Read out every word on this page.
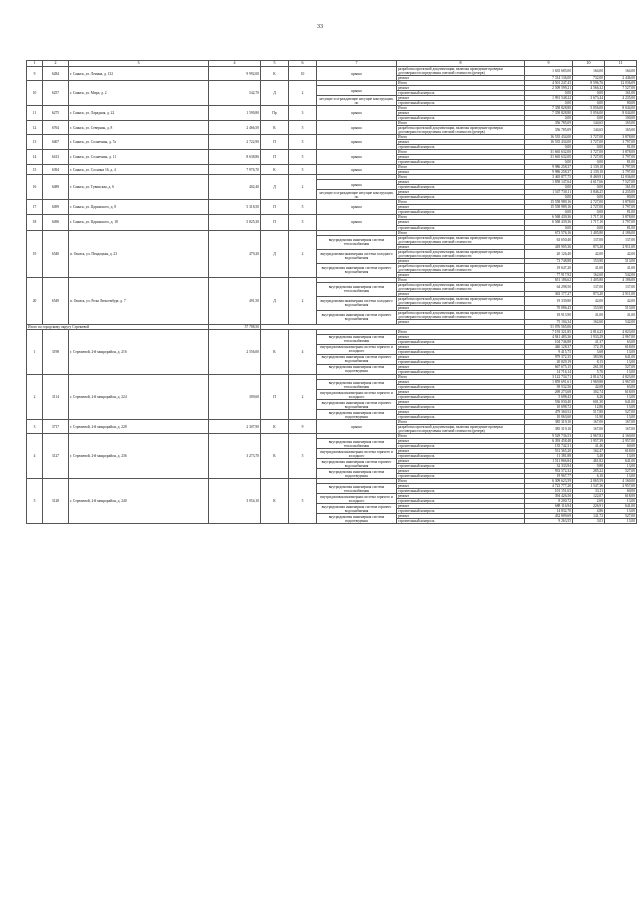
33
1	2	3	4	5	6	7	8	9	10	11
9	6284	г. Саянск, ул. Ленина, д. 132	9 992,00	К	10	крыша	разработка проектной документации, включая проведение проверки достоверности определения сметной стоимости (резерв)	1 635 685,00	164,00	164,00
							ремонт	7 314 136,00	732,00	2 446,00
10	6257	г. Саянск, ул. Мира, д. 2	542,70	Д	2		Итого	4 501 247,43	8 596,76	12 036,09
						крыша	ремонт	2 509 599,21	4 566,32	7 527,00
							строительный контроль	0,00	0,00	161,00
						несущие и ограждающие несущие конструкции, по	ремонт	1 991 548,22	3 673,44	4 235,00
							строительный контроль	0,00	0,00	80,00
11	6275	г. Саянск, ул. Ларадная, д. 22	1 590,80	Пр	3	крыша	Итого	7 358 828,80	5 056,00	8 044,00
							ремонт	7 358 828,80	5 056,00	8 044,00
							строительный контроль	0,00	0,00	100,00
12	6764	г. Саянск, ул. Северная, д. 8	2 466,50	К	5	крыша	Итого	356 785,09	144,65	165,00
							разработка проектной документации, включая проведение проверки достоверности определения сметной стоимости (резерв)	356 785,09	144,65	165,00
13	6407	г. Саянск, ул. Солнечная, д. 7а	2 722,90	П	5	крыша	Итого	16 535 434,00	3 727,00	3 878,00
							ремонт	16 535 434,00	3 727,00	3 797,00
							строительный контроль	0,00	0,00	81,00
14	6413	г. Саянск, ул. Солнечная, д. 11	8 638,86	П	5	крыша	Итого	31 665 632,00	3 727,00	3 878,00
							ремонт	31 665 632,00	3 727,00	3 797,00
							строительный контроль	0,00	0,00	81,00
15	6394	г. Саянск, ул. Соснина 16, д. 4	7 976,70	К	5	крыша	Итого	9 986 258,37	2 139,10	3 797,00
							ремонт	9 986 258,37	2 139,10	3 797,00
16	6489	г. Саянск, ул. Тувинская, д. 6	402,40	Д	2		Итого	3 465 877,75	8 469,91	12 036,00
						крыша	ремонт	1 858 147,64	4 617,66	7 527,00
							строительный контроль	0,00	0,00	161,00
						несущие и ограждающие несущие конструкции, по	ремонт	1 547 730,11	3 846,25	4 235,00
							строительный контроль	0,00	0,00	80,00
17	6499	г. Саянск, ул. Царинского, д. 8	5 318,50	П	5	крыша	Итого	15 558 989,16	2 727,00	3 878,00
							ремонт	15 558 989,16	2 727,00	3 797,00
							строительный контроль	0,00	0,00	81,00
18	6496	г. Саянск, ул. Царинского, д. 18	5 825,30	П	5	крыша	Итого	6 568 439,36	1 717,10	3 878,00
							ремонт	6 568 439,36	1 717,10	3 797,00
							строительный контроль	0,00	0,00	81,00
19	6540	п. Оказск, ул. Пендоцкая, д. 23	479,20	Д	2		Итого	673 576,16	1 405,80	4 186,00
						внутридомовая инженерная система теплоснабжения	разработка проектной документации, включая проведение проверки достоверности определения сметной стоимости	63 650,40	137,00	137,00
							ремонт	418 905,36	873,20	2 911,00
						внутридомовая инженерная система холодного водоснабжения	разработка проектной документации, включая проведение проверки достоверности определения сметной стоимости	20 126,40	42,00	42,00
							ремонт	73 748,88	153,90	513,00
						внутридомовая инженерная система горячего водоснабжения	разработка проектной документации, включая проведение проверки достоверности определения сметной стоимости	19 647,20	41,00	41,00
							ремонт	77 917,92	162,60	542,00
20	6549	п. Оказск, ул. Розы Люксембург, д. 7	491,50	Д	2		Итого	651 186,62	1 405,80	4 186,00
						внутридомовая инженерная система теплоснабжения	разработка проектной документации, включая проведение проверки достоверности определения сметной стоимости	64 298,50	137,00	137,00
							ремонт	363 177,27	873,20	2 911,00
						внутридомовая инженерная система холодного водоснабжения	разработка проектной документации, включая проведение проверки достоверности определения сметной стоимости	19 339,80	42,00	42,00
							ремонт	70 086,43	153,90	513,00
						внутридомовая инженерная система горячего водоснабжения	разработка проектной документации, включая проведение проверки достоверности определения сметной стоимости	18 913,90	41,00	41,00
							ремонт	75 104,34	162,60	542,00
Итого по городскому округу Стрежевой			57 788,50					51 076 565,06		
1	3198	г. Стрежевой, 2-й микрорайон, д. 216	2 556,00	К	4		Итого	7 193 321,85	2 814,25	4 823,00
						внутридомовая инженерная система теплоснабжения	ремонт	4 941 483,36	1 933,29	2 967,00
							строительный контроль	104 746,88	41,37	63,00
						внутридомовая инженерная система горячего и холодного	ремонт	440 128,37	172,19	618,00
							строительный контроль	9 415,75	3,68	13,00
						внутридомовая инженерная система горячего водоснабжения	ремонт	979 372,35	383,96	641,00
							строительный контроль	20 829,19	8,15	13,00
						внутридомовая инженерная система водоотведения	ремонт	667 675,15	261,58	527,00
							строительный контроль	14 716,14	5,76	13,00
2	3114	г. Стрежевой, 2-й микрорайон, д. 224	309,60	П	2		Итого	3 122 734,71	2 814,74	4 823,00
						внутридомовая инженерная система теплоснабжения	ремонт	1 859 691,61	1 969,88	2 967,00
							строительный контроль	39 532,56	42,08	63,00
						внутридомовая инженерная система горячего и холодного	ремонт	269 273,68	302,74	618,00
							строительный контроль	5 698,43	6,26	13,00
						внутридомовая инженерная система горячего водоснабжения	ремонт	536 030,40	601,30	641,00
							строительный контроль	10 698,72	12,86	13,00
						внутридомовая инженерная система водоотведения	ремонт	479 360,52	517,80	527,00
							строительный контроль	10 063,60	11,90	13,00
3	3717	г. Стрежевой, 2-й микрорайон, д. 228	2 307,90	К	9	крыша	Итого	385 319,10	167,00	167,00
							разработка проектной документации, включая проведение проверки достоверности определения сметной стоимости (резерв)	385 319,10	167,00	167,00
4	3127	г. Стрежевой, 2-й микрорайон, д. 236	3 273,70	К	5		Итого	9 529 736,53	2 967,82	4 160,00
						внутридомовая инженерная система теплоснабжения	ремонт	6 393 458,48	1 957,39	2 957,00
							строительный контроль	135 742,31	41,46	60,00
						внутридомовая инженерная система горячего и холодного	ремонт	531 365,20	162,47	618,00
							строительный контроль	11 381,88	3,48	13,00
						внутридомовая инженерная система горячего водоснабжения	ремонт	1 511 866,84	461,82	641,00
							строительный контроль	32 333,94	9,88	13,00
						внутридомовая инженерная система водоотведения	ремонт	933 572,32	285,22	527,00
							строительный контроль	19 967,77	6,10	13,00
5	3128	г. Стрежевой, 2-й микрорайон, д. 240	3 054,10	К	5		Итого	6 309 623,59	2 065,59	4 160,00
						внутридомовая инженерная система теплоснабжения	ремонт	4 723 777,20	1 547,36	2 957,00
							строительный контроль	101 151,63	33,11	60,00
						внутридомовая инженерная система горячего и холодного	ремонт	394 426,50	122,07	618,00
							строительный контроль	8 200,72	2,69	13,00
						внутридомовая инженерная система горячего водоснабжения	ремонт	688 116,94	226,91	641,00
							строительный контроль	14 832,70	4,86	13,00
						внутридомовая инженерная система водоотведения	ремонт	432 809,69	141,72	527,00
							строительный контроль	9 263,55	3,03	13,00
